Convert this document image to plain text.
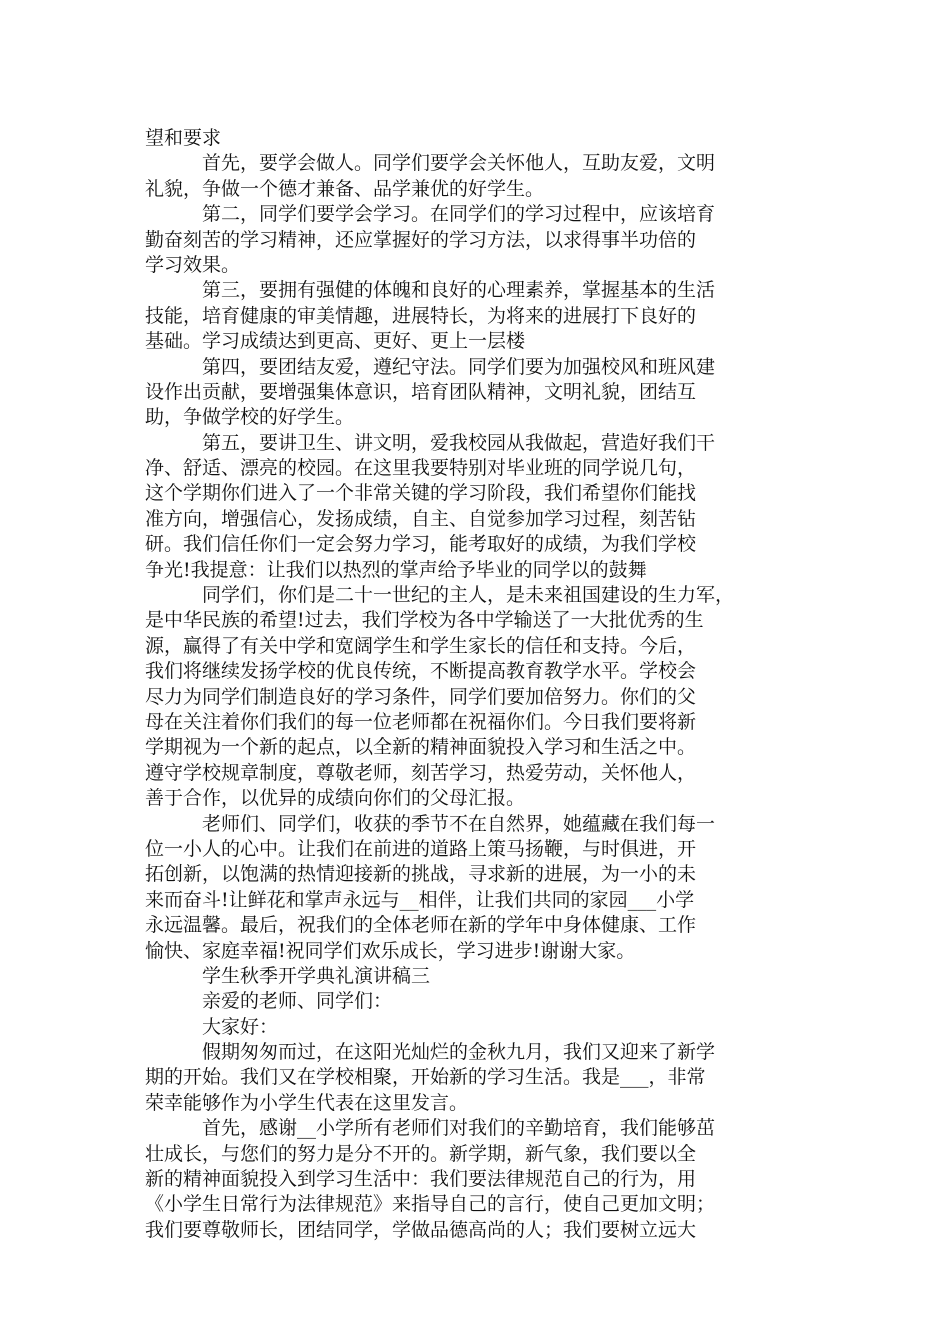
望和要求
首先，要学会做人。同学们要学会关怀他人，互助友爱，文明
礼貌，争做一个德才兼备、品学兼优的好学生。
第二，同学们要学会学习。在同学们的学习过程中，应该培育
勤奋刻苦的学习精神，还应掌握好的学习方法，以求得事半功倍的
学习效果。
第三，要拥有强健的体魄和良好的心理素养，掌握基本的生活
技能，培育健康的审美情趣，进展特长，为将来的进展打下良好的
基础。学习成绩达到更高、更好、更上一层楼
第四，要团结友爱，遵纪守法。同学们要为加强校风和班风建
设作出贡献，要增强集体意识，培育团队精神，文明礼貌，团结互
助，争做学校的好学生。
第五，要讲卫生、讲文明，爱我校园从我做起，营造好我们干
净、舒适、漂亮的校园。在这里我要特别对毕业班的同学说几句，
这个学期你们进入了一个非常关键的学习阶段，我们希望你们能找
准方向，增强信心，发扬成绩，自主、自觉参加学习过程，刻苦钻
研。我们信任你们一定会努力学习，能考取好的成绩，为我们学校
争光!我提意：让我们以热烈的掌声给予毕业的同学以的鼓舞
同学们，你们是二十一世纪的主人，是未来祖国建设的生力军，
是中华民族的希望!过去，我们学校为各中学输送了一大批优秀的生
源，赢得了有关中学和宽阔学生和学生家长的信任和支持。今后，
我们将继续发扬学校的优良传统，不断提高教育教学水平。学校会
尽力为同学们制造良好的学习条件，同学们要加倍努力。你们的父
母在关注着你们我们的每一位老师都在祝福你们。今日我们要将新
学期视为一个新的起点，以全新的精神面貌投入学习和生活之中。
遵守学校规章制度，尊敬老师，刻苦学习，热爱劳动，关怀他人，
善于合作，以优异的成绩向你们的父母汇报。
老师们、同学们，收获的季节不在自然界，她蕴藏在我们每一
位一小人的心中。让我们在前进的道路上策马扬鞭，与时俱进，开
拓创新，以饱满的热情迎接新的挑战，寻求新的进展，为一小的未
来而奋斗!让鲜花和掌声永远与__相伴，让我们共同的家园___小学
永远温馨。最后，祝我们的全体老师在新的学年中身体健康、工作
愉快、家庭幸福!祝同学们欢乐成长，学习进步!谢谢大家。
学生秋季开学典礼演讲稿三
亲爱的老师、同学们：
大家好：
假期匆匆而过，在这阳光灿烂的金秋九月，我们又迎来了新学
期的开始。我们又在学校相聚，开始新的学习生活。我是___，非常
荣幸能够作为小学生代表在这里发言。
首先，感谢__小学所有老师们对我们的辛勤培育，我们能够茁
壮成长，与您们的努力是分不开的。新学期，新气象，我们要以全
新的精神面貌投入到学习生活中：我们要法律规范自己的行为，用
《小学生日常行为法律规范》来指导自己的言行，使自己更加文明；
我们要尊敬师长，团结同学，学做品德高尚的人；我们要树立远大
